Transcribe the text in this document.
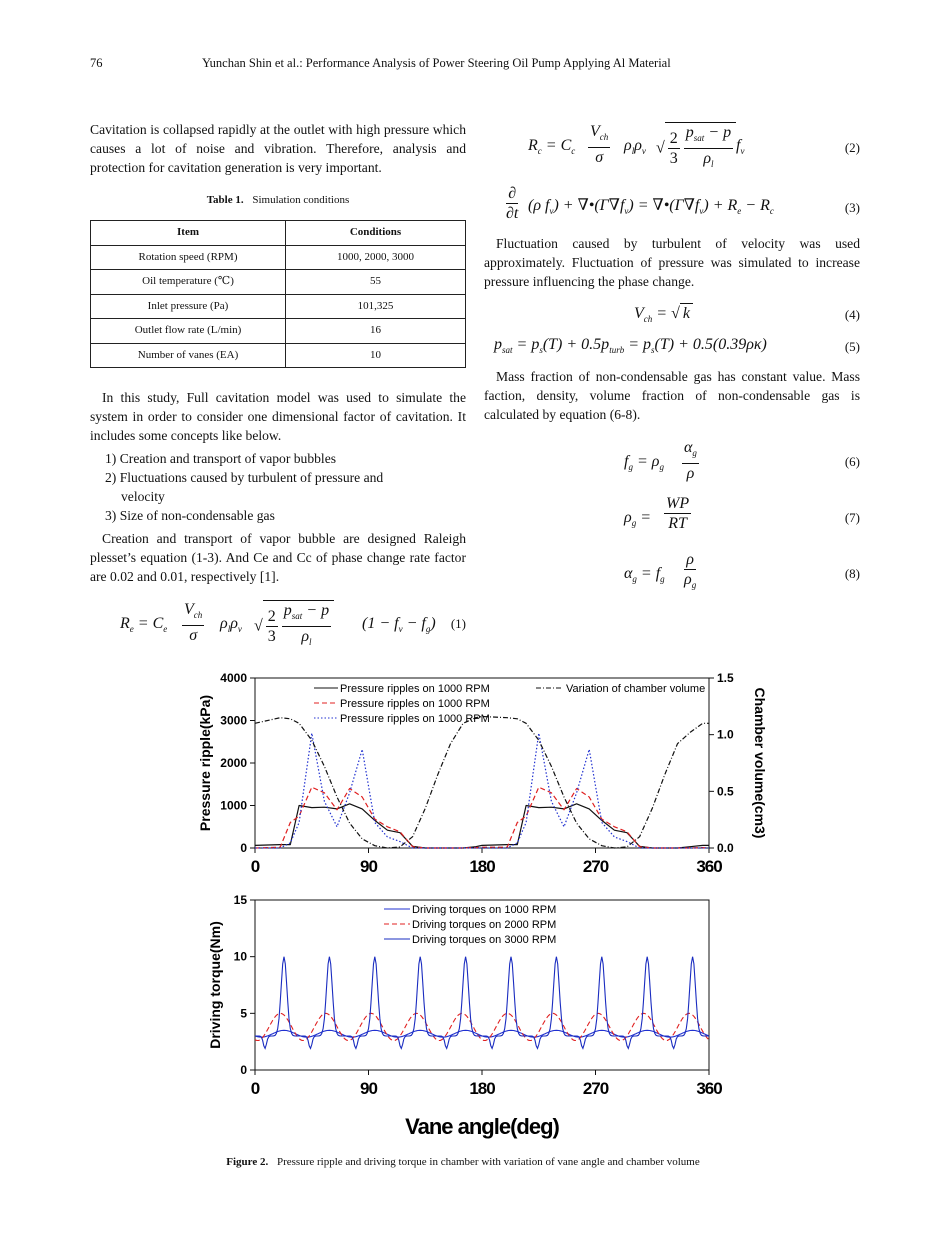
76	Yunchan Shin et al.: Performance Analysis of Power Steering Oil Pump Applying Al Material

Cavitation is collapsed rapidly at the outlet with high pressure which causes a lot of noise and vibration. Therefore, analysis and protection for cavitation generation is very important.

Table 1. Simulation conditions
Item	Conditions
Rotation speed (RPM)	1000, 2000, 3000
Oil temperature (℃)	55
Inlet pressure (Pa)	101,325
Outlet flow rate (L/min)	16
Number of vanes (EA)	10

In this study, Full cavitation model was used to simulate the system in order to consider one dimensional factor of cavitation. It includes some concepts like below.

1) Creation and transport of vapor bubbles
2) Fluctuations caused by turbulent of pressure and
velocity
3) Size of non-condensable gas

Creation and transport of vapor bubble are designed Raleigh plesset’s equation (1-3). And Ce and Cc of phase change rate factor are 0.02 and 0.01, respectively [1].

$R_e = C_e$
$V_{ch}$
σ
$\rho_l\rho_v$ √ $\frac{2}{3}$
$\frac{p_{sat} - p}{\rho_l} (1 - f_v - f_g)$ (1)
$R_c = C_c$
$V_{ch}$
σ
$\rho_l\rho_v$ √ $\frac{2}{3}$
$\frac{p_{sat} - p}{\rho_l} f_v$	(2)
∂
∂t (ρ $f_v$) + $\nabla•(\Gamma\nabla f_v)$ = $\nabla•(\Gamma\nabla f_v) + R_e - R_c$	(3)

Fluctuation caused by turbulent of velocity was used approximately. Fluctuation of pressure was simulated to increase pressure influencing the phase change.

$V_{ch}$ = √ k	(4)
$p_{sat} = p_s(T) + 0.5p_{turb} = p_s(T) + 0.5(0.39\rho\kappa)$	(5)

Mass fraction of non-condensable gas has constant value. Mass faction, density, volume fraction of non-condensable gas is calculated by equation (6-8).

$f_g = \rho_g \frac{\alpha_g}{\rho}$	(6)
$\rho_g = \frac{WP}{RT}$	(7)
$\alpha_g = f_g \frac{\rho}{\rho_g}$	(8)
0	90	180	270	360
0
1000
2000
3000
4000
0.0
0.5
1.0
1.5
Pressure ripple(kPa)	Chamber volume(cm3)
Pressure ripples on 1000 RPM
Pressure ripples on 1000 RPM
Pressure ripples on 1000 RPM
Variation of chamber volume
0	90	180	270	360
0
5
10
15
Driving torque(Nm)
Driving torques on 1000 RPM
Driving torques on 2000 RPM
Driving torques on 3000 RPM
Vane angle(deg)
Figure 2. Pressure ripple and driving torque in chamber with variation of vane angle and chamber volume
